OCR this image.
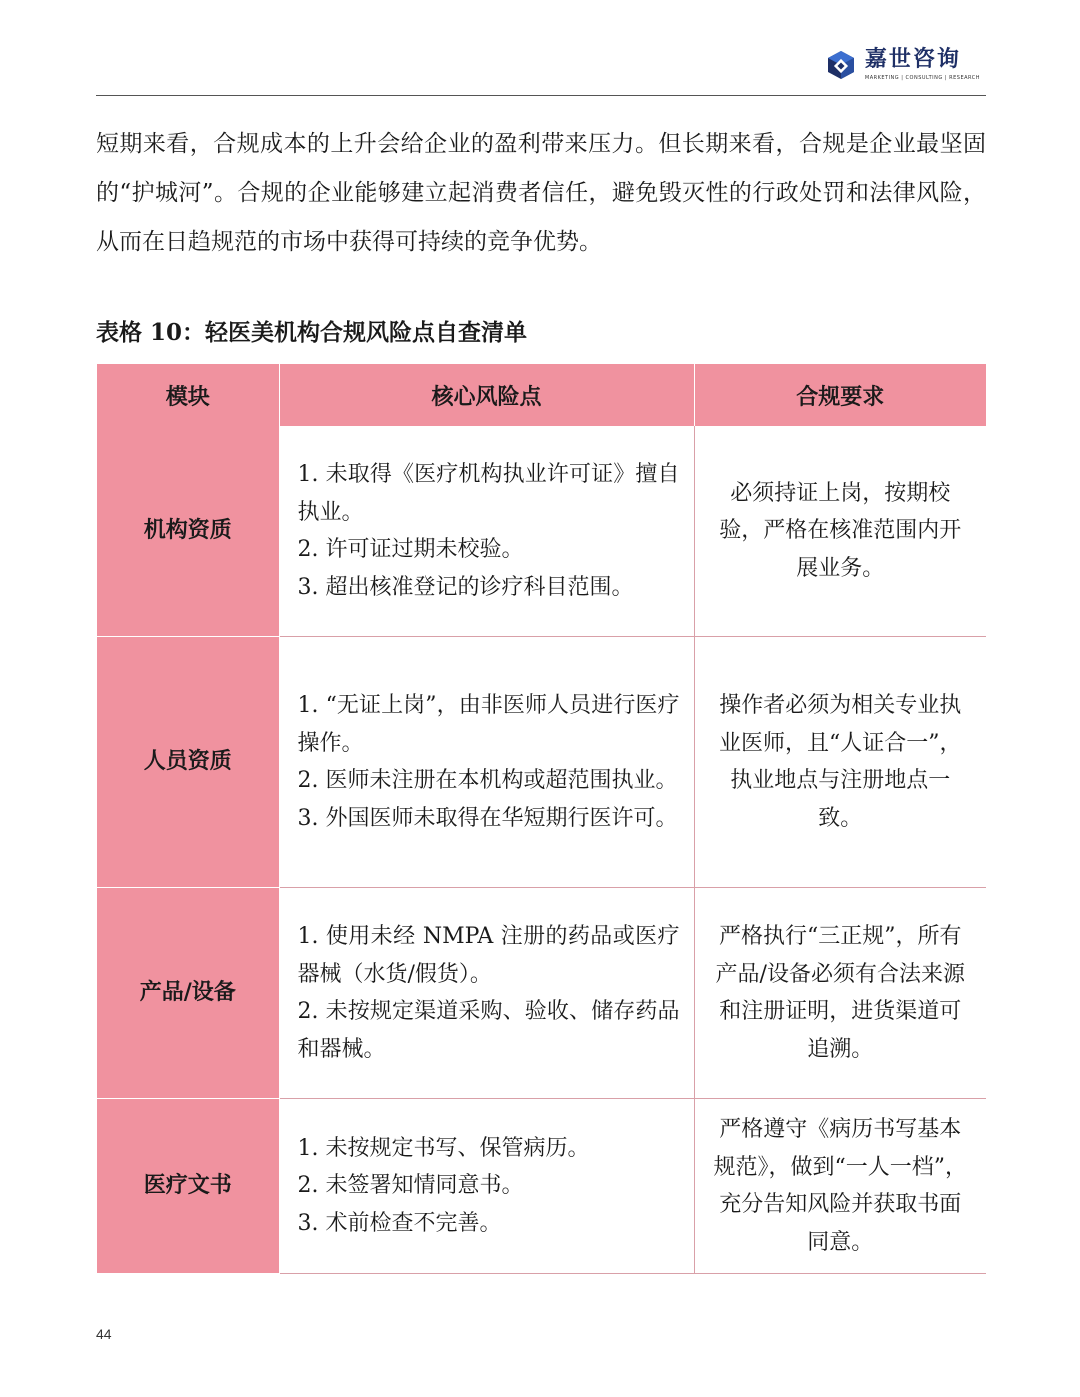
嘉世咨询
MARKETING | CONSULTING | RESEARCH

短期来看，合规成本的上升会给企业的盈利带来压力。但长期来看，合规是企业最坚固的“护城河”。合规的企业能够建立起消费者信任，避免毁灭性的行政处罚和法律风险，从而在日趋规范的市场中获得可持续的竞争优势。

表格 10：轻医美机构合规风险点自查清单

模块	核心风险点	合规要求
机构资质	1. 未取得《医疗机构执业许可证》擅自执业。
2. 许可证过期未校验。
3. 超出核准登记的诊疗科目范围。	必须持证上岗，按期校验，严格在核准范围内开展业务。
人员资质	1. “无证上岗”，由非医师人员进行医疗操作。
2. 医师未注册在本机构或超范围执业。
3. 外国医师未取得在华短期行医许可。	操作者必须为相关专业执业医师，且“人证合一”，执业地点与注册地点一致。
产品/设备	1. 使用未经 NMPA 注册的药品或医疗器械（水货/假货）。
2. 未按规定渠道采购、验收、储存药品和器械。	严格执行“三正规”，所有产品/设备必须有合法来源和注册证明，进货渠道可追溯。
医疗文书	1. 未按规定书写、保管病历。
2. 未签署知情同意书。
3. 术前检查不完善。	严格遵守《病历书写基本规范》，做到“一人一档”，充分告知风险并获取书面同意。
44
